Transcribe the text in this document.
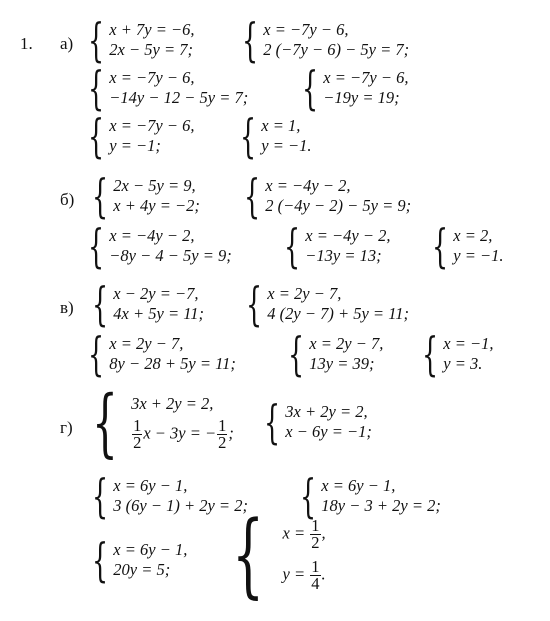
1. а) { x + 7y = −6,
2x − 5y = 7; { x = −7y − 6,
2 (−7y − 6) − 5y = 7;
{ x = −7y − 6,
−14y − 12 − 5y = 7; { x = −7y − 6,
−19y = 19;
{ x = −7y − 6,
y = −1;	{ x = 1,
y = −1.
б) { 2x − 5y = 9,
x + 4y = −2; { x = −4y − 2,
2 (−4y − 2) − 5y = 9;
{ x = −4y − 2,
−8y − 4 − 5y = 9; { x = −4y − 2,
−13y = 13; { x = 2,
y = −1.
в) { x − 2y = −7,
4x + 5y = 11; { x = 2y − 7,
4 (2y − 7) + 5y = 11;
{ x = 2y − 7,
8y − 28 + 5y = 11; { x = 2y − 7,
13y = 39; { x = −1,
y = 3.
г) { 3x + 2y = 2,
$\frac{1}{2}$ x − 3y = − $\frac{1}{2}$ ; { 3x + 2y = 2,
x − 6y = −1;
{ x = 6y − 1,
3 (6y − 1) + 2y = 2; { x = 6y − 1,
18y − 3 + 2y = 2;
{ x = 6y − 1,
20y = 5; { $x = \frac{1}{2}$ ,
$y = \frac{1}{4}$ .
